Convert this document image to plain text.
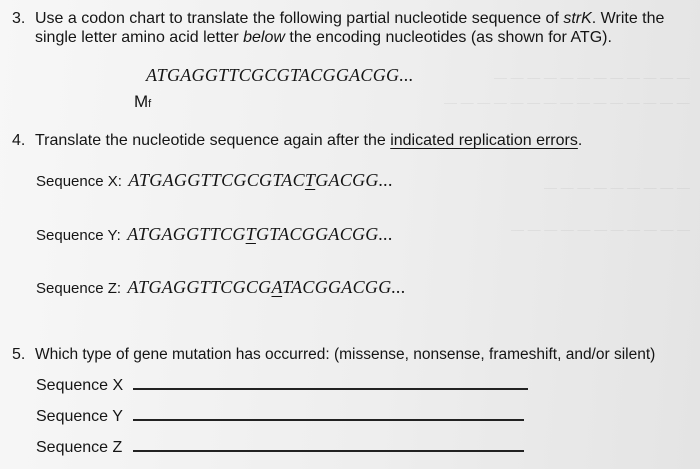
— — — — — — — — — — — —
— — — — — — — — — — — — — — —
— — — — — — — — —
— — — — — — — — — — —
3. Use a codon chart to translate the following partial nucleotide sequence of strK. Write the
single letter amino acid letter below the encoding nucleotides (as shown for ATG).
ATGAGGTTCGCGTACGGACGG...
Mf
4. Translate the nucleotide sequence again after the indicated replication errors.
Sequence X: ATGAGGTTCGCGTACTGACGG...
Sequence Y: ATGAGGTTCGTGTACGGACGG...
Sequence Z: ATGAGGTTCGCGATACGGACGG...
5. Which type of gene mutation has occurred: (missense, nonsense, frameshift, and/or silent)
Sequence X
Sequence Y
Sequence Z
